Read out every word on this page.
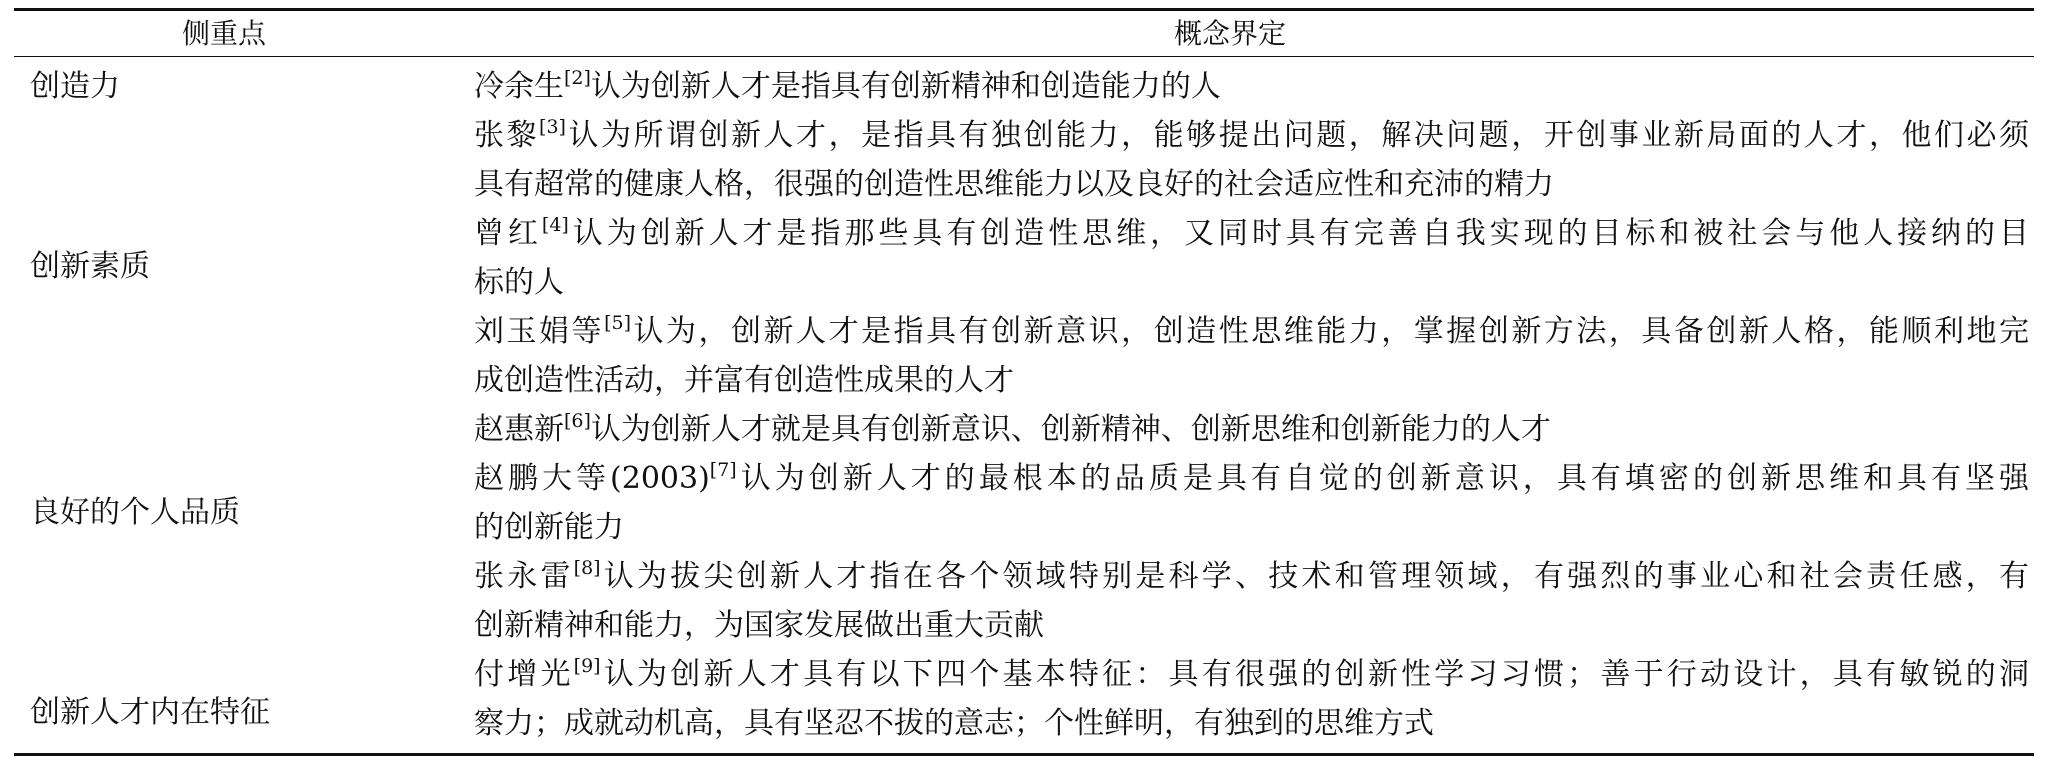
侧重点	概念界定
创造力
创新素质
良好的个人品质
创新人才内在特征
冷余生[2]认为创新人才是指具有创新精神和创造能力的人
张黎[3]认为所谓创新人才，是指具有独创能力，能够提出问题，解决问题，开创事业新局面的人才，他们必须
具有超常的健康人格，很强的创造性思维能力以及良好的社会适应性和充沛的精力
曾红[4]认为创新人才是指那些具有创造性思维，又同时具有完善自我实现的目标和被社会与他人接纳的目
标的人
刘玉娟等[5]认为，创新人才是指具有创新意识，创造性思维能力，掌握创新方法，具备创新人格，能顺利地完
成创造性活动，并富有创造性成果的人才
赵惠新[6]认为创新人才就是具有创新意识、创新精神、创新思维和创新能力的人才
赵鹏大等(2003)[7]认为创新人才的最根本的品质是具有自觉的创新意识，具有填密的创新思维和具有坚强
的创新能力
张永雷[8]认为拔尖创新人才指在各个领域特别是科学、技术和管理领域，有强烈的事业心和社会责任感，有
创新精神和能力，为国家发展做出重大贡献
付增光[9]认为创新人才具有以下四个基本特征：具有很强的创新性学习习惯；善于行动设计，具有敏锐的洞
察力；成就动机高，具有坚忍不拔的意志；个性鲜明，有独到的思维方式
